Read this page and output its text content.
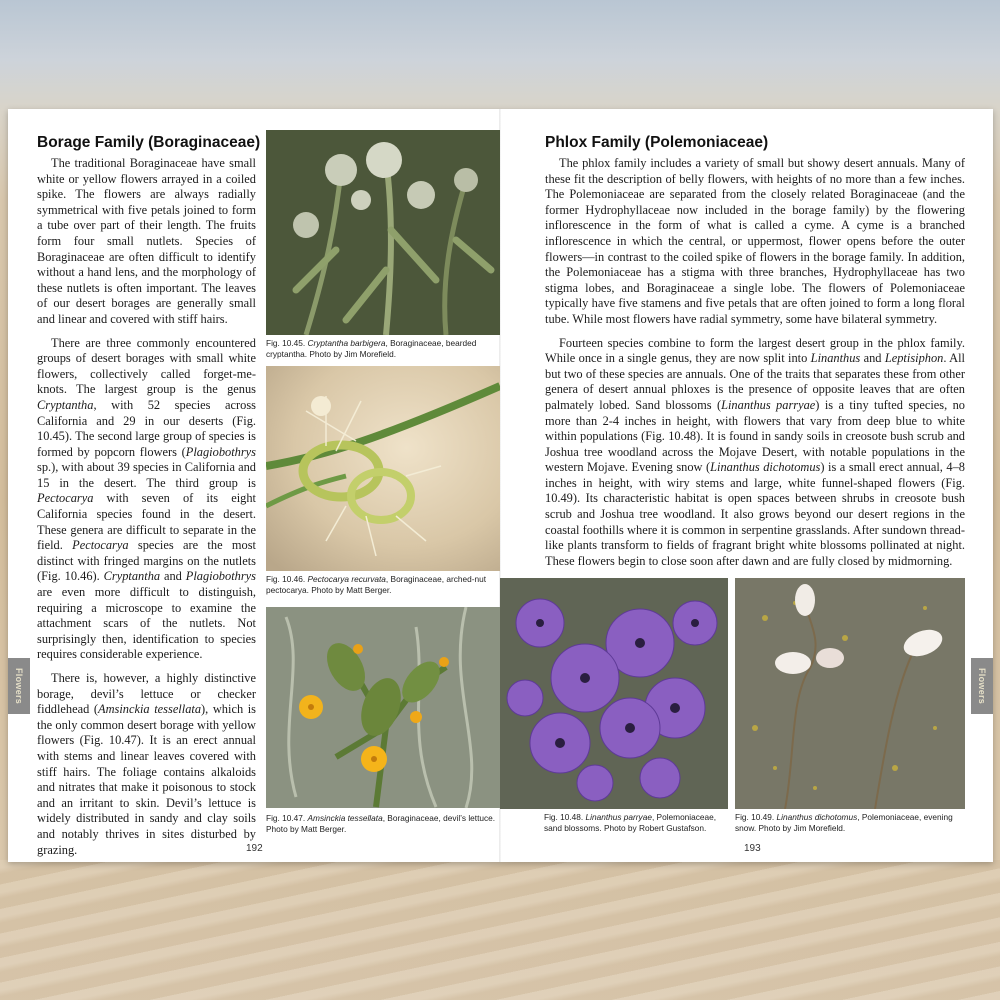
Borage Family (Boraginaceae)

The traditional Boraginaceae have small white or yellow flowers arrayed in a coiled spike. The flowers are always radially symmetrical with five petals joined to form a tube over part of their length. The fruits form four small nutlets. Species of Boraginaceae are often difficult to identify without a hand lens, and the morphology of these nutlets is often important. The leaves of our desert borages are generally small and linear and covered with stiff hairs.

There are three commonly encountered groups of desert borages with small white flowers, collectively called forget-me-knots. The largest group is the genus Cryptantha, with 52 species across California and 29 in our deserts (Fig. 10.45). The second large group of species is formed by popcorn flowers (Plagiobothrys sp.), with about 39 species in California and 15 in the desert. The third group is Pectocarya with seven of its eight California species found in the desert. These genera are difficult to separate in the field. Pectocarya species are the most distinct with fringed margins on the nutlets (Fig. 10.46). Cryptantha and Plagiobothrys are even more difficult to distinguish, requiring a microscope to examine the attachment scars of the nutlets. Not surprisingly then, identification to species requires considerable experience.

There is, however, a highly distinctive borage, devil’s lettuce or checker fiddlehead (Amsinckia tessellata), which is the only common desert borage with yellow flowers (Fig. 10.47). It is an erect annual with stems and linear leaves covered with stiff hairs. The foliage contains alkaloids and nitrates that make it poisonous to stock and an irritant to skin. Devil’s lettuce is widely distributed in sandy and clay soils and notably thrives in sites disturbed by grazing.

Fig. 10.45. Cryptantha barbigera, Boraginaceae, bearded cryptantha. Photo by Jim Morefield.
Fig. 10.46. Pectocarya recurvata, Boraginaceae, arched-nut pectocarya. Photo by Matt Berger.
Fig. 10.47. Amsinckia tessellata, Boraginaceae, devil’s lettuce. Photo by Matt Berger.
192
Flowers
Phlox Family (Polemoniaceae)

The phlox family includes a variety of small but showy desert annuals. Many of these fit the description of belly flowers, with heights of no more than a few inches. The Polemoniaceae are separated from the closely related Boraginaceae (and the former Hydrophyllaceae now included in the borage family) by the flowering inflorescence in the form of what is called a cyme. A cyme is a branched inflorescence in which the central, or uppermost, flower opens before the outer flowers—in contrast to the coiled spike of flowers in the borage family. In addition, the Polemoniaceae has a stigma with three branches, Hydrophyllaceae has two stigma lobes, and Boraginaceae a single lobe. The flowers of Polemoniaceae typically have five stamens and five petals that are often joined to form a long floral tube. While most flowers have radial symmetry, some have bilateral symmetry.

Fourteen species combine to form the largest desert group in the phlox family. While once in a single genus, they are now split into Linanthus and Leptisiphon. All but two of these species are annuals. One of the traits that separates these from other genera of desert annual phloxes is the presence of opposite leaves that are often palmately lobed. Sand blossoms (Linanthus parryae) is a tiny tufted species, no more than 2-4 inches in height, with flowers that vary from deep blue to white within populations (Fig. 10.48). It is found in sandy soils in creosote bush scrub and Joshua tree woodland across the Mojave Desert, with notable populations in the western Mojave. Evening snow (Linanthus dichotomus) is a small erect annual, 4–8 inches in height, with wiry stems and large, white funnel-shaped flowers (Fig. 10.49). Its characteristic habitat is open spaces between shrubs in creosote bush scrub and Joshua tree woodland. It also grows beyond our desert regions in the coastal foothills where it is common in serpentine grasslands. After sundown thread-like plants transform to fields of fragrant bright white blossoms pollinated at night. These flowers begin to close soon after dawn and are fully closed by midmorning.

Fig. 10.48. Linanthus parryae, Polemoniaceae, sand blossoms. Photo by Robert Gustafson.
Fig. 10.49. Linanthus dichotomus, Polemoniaceae, evening snow. Photo by Jim Morefield.
193
Flowers
